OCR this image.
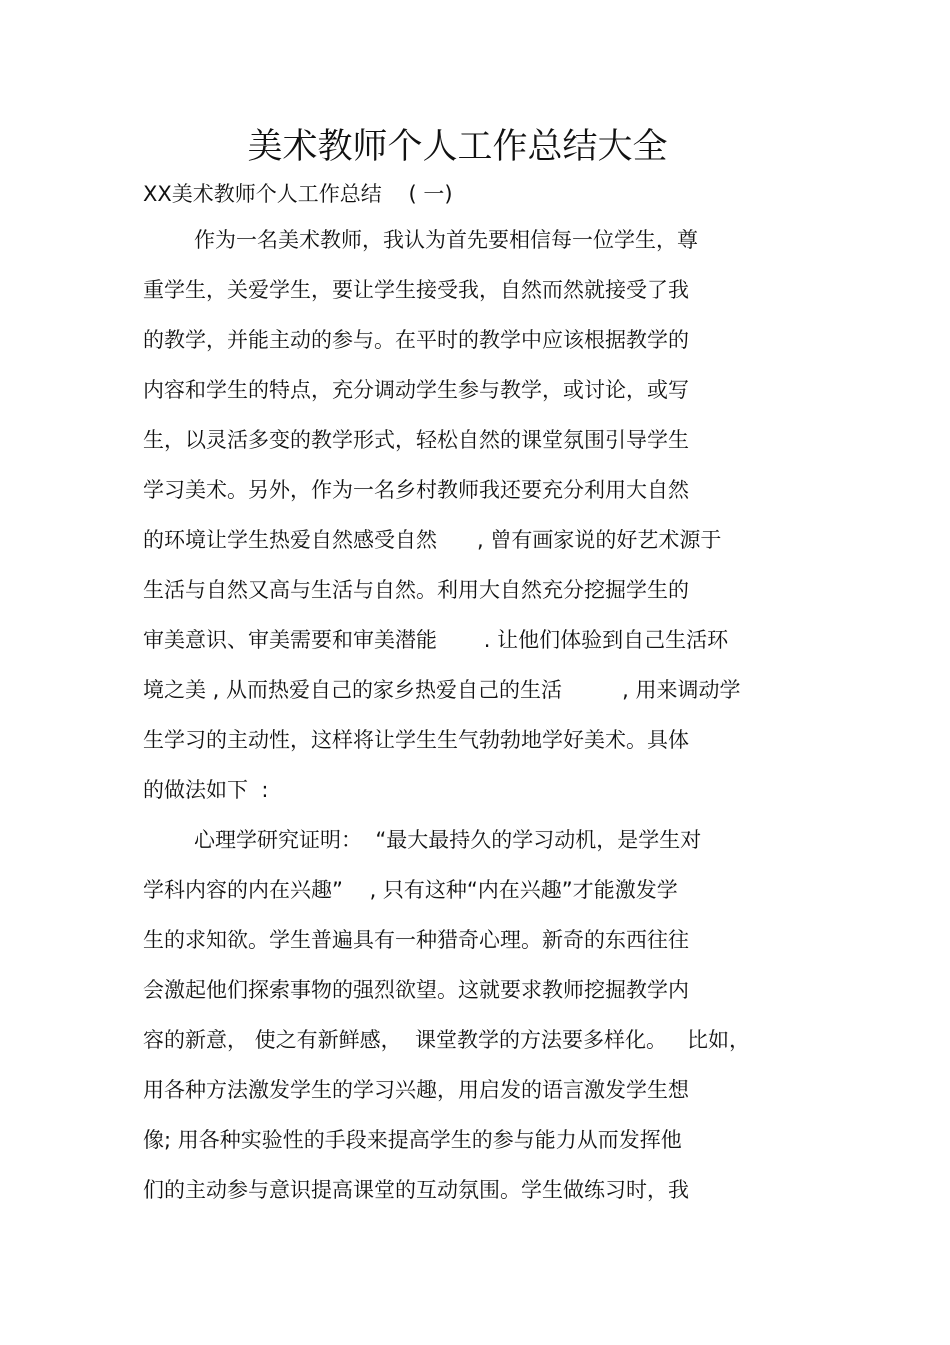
美术教师个人工作总结大全
XX美术教师个人工作总结    ( 一)
作为一名美术教师，我认为首先要相信每一位学生，尊
重学生，关爱学生，要让学生接受我，自然而然就接受了我
的教学，并能主动的参与。在平时的教学中应该根据教学的
内容和学生的特点，充分调动学生参与教学，或讨论，或写
生，以灵活多变的教学形式，轻松自然的课堂氛围引导学生
学习美术。另外，作为一名乡村教师我还要充分利用大自然
的环境让学生热爱自然感受自然      , 曾有画家说的好艺术源于
生活与自然又高与生活与自然。利用大自然充分挖掘学生的
审美意识、审美需要和审美潜能       . 让他们体验到自己生活环
境之美 , 从而热爱自己的家乡热爱自己的生活         , 用来调动学
生学习的主动性，这样将让学生生气勃勃地学好美术。具体
的做法如下  :
心理学研究证明：  “最大最持久的学习动机，是学生对
学科内容的内在兴趣”    , 只有这种“内在兴趣”才能激发学
生的求知欲。学生普遍具有一种猎奇心理。新奇的东西往往
会激起他们探索事物的强烈欲望。这就要求教师挖掘教学内
容的新意， 使之有新鲜感，  课堂教学的方法要多样化。   比如，
用各种方法激发学生的学习兴趣，用启发的语言激发学生想
像; 用各种实验性的手段来提高学生的参与能力从而发挥他
们的主动参与意识提高课堂的互动氛围。学生做练习时，我
